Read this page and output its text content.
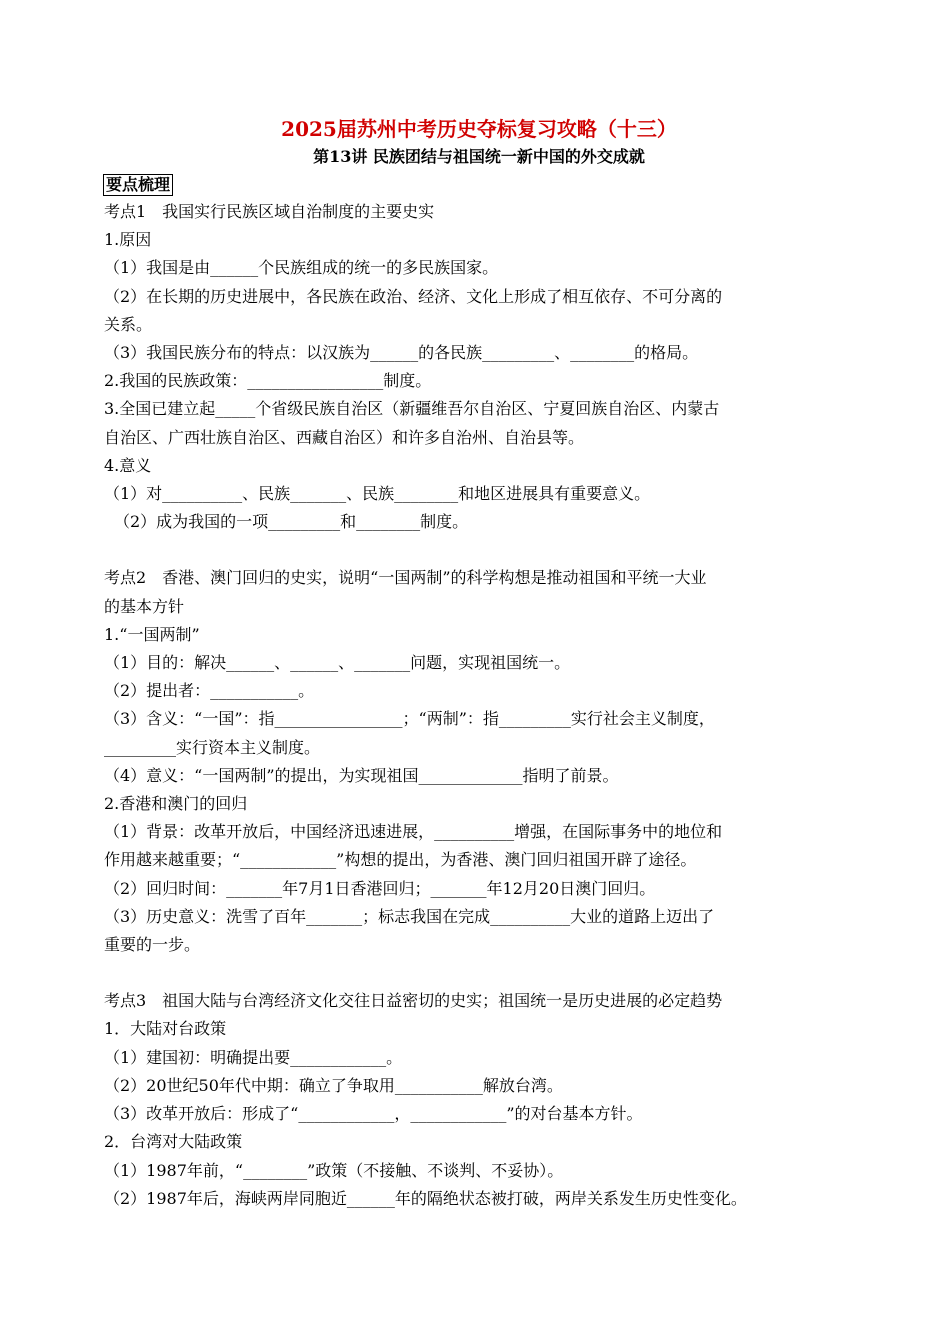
2025届苏州中考历史夺标复习攻略（十三）
第13讲 民族团结与祖国统一新中国的外交成就
要点梳理

考点1　我国实行民族区域自治制度的主要史实

1.原因

（1）我国是由______个民族组成的统一的多民族国家。

（2）在长期的历史进展中，各民族在政治、经济、文化上形成了相互依存、不可分离的

关系。

（3）我国民族分布的特点：以汉族为______的各民族_________、________的格局。

2.我国的民族政策：_________________制度。

3.全国已建立起_____个省级民族自治区（新疆维吾尔自治区、宁夏回族自治区、内蒙古

自治区、广西壮族自治区、西藏自治区）和许多自治州、自治县等。

4.意义

（1）对__________、民族_______、民族________和地区进展具有重要意义。

（2）成为我国的一项_________和________制度。

考点2　香港、澳门回归的史实，说明“一国两制”的科学构想是推动祖国和平统一大业

的基本方针

1.“一国两制”

（1）目的：解决______、______、_______问题，实现祖国统一。

（2）提出者：___________。

（3）含义：“一国”：指________________；“两制”：指_________实行社会主义制度，

_________实行资本主义制度。

（4）意义：“一国两制”的提出，为实现祖国_____________指明了前景。

2.香港和澳门的回归

（1）背景：改革开放后，中国经济迅速进展，__________增强，在国际事务中的地位和

作用越来越重要；“____________”构想的提出，为香港、澳门回归祖国开辟了途径。

（2）回归时间：_______年7月1日香港回归；_______年12月20日澳门回归。

（3）历史意义：洗雪了百年_______；标志我国在完成__________大业的道路上迈出了

重要的一步。

考点3　祖国大陆与台湾经济文化交往日益密切的史实；祖国统一是历史进展的必定趋势

1．大陆对台政策

（1）建国初：明确提出要____________。

（2）20世纪50年代中期：确立了争取用___________解放台湾。

（3）改革开放后：形成了“____________，____________”的对台基本方针。

2．台湾对大陆政策

（1）1987年前，“________”政策（不接触、不谈判、不妥协）。

（2）1987年后，海峡两岸同胞近______年的隔绝状态被打破，两岸关系发生历史性变化。
